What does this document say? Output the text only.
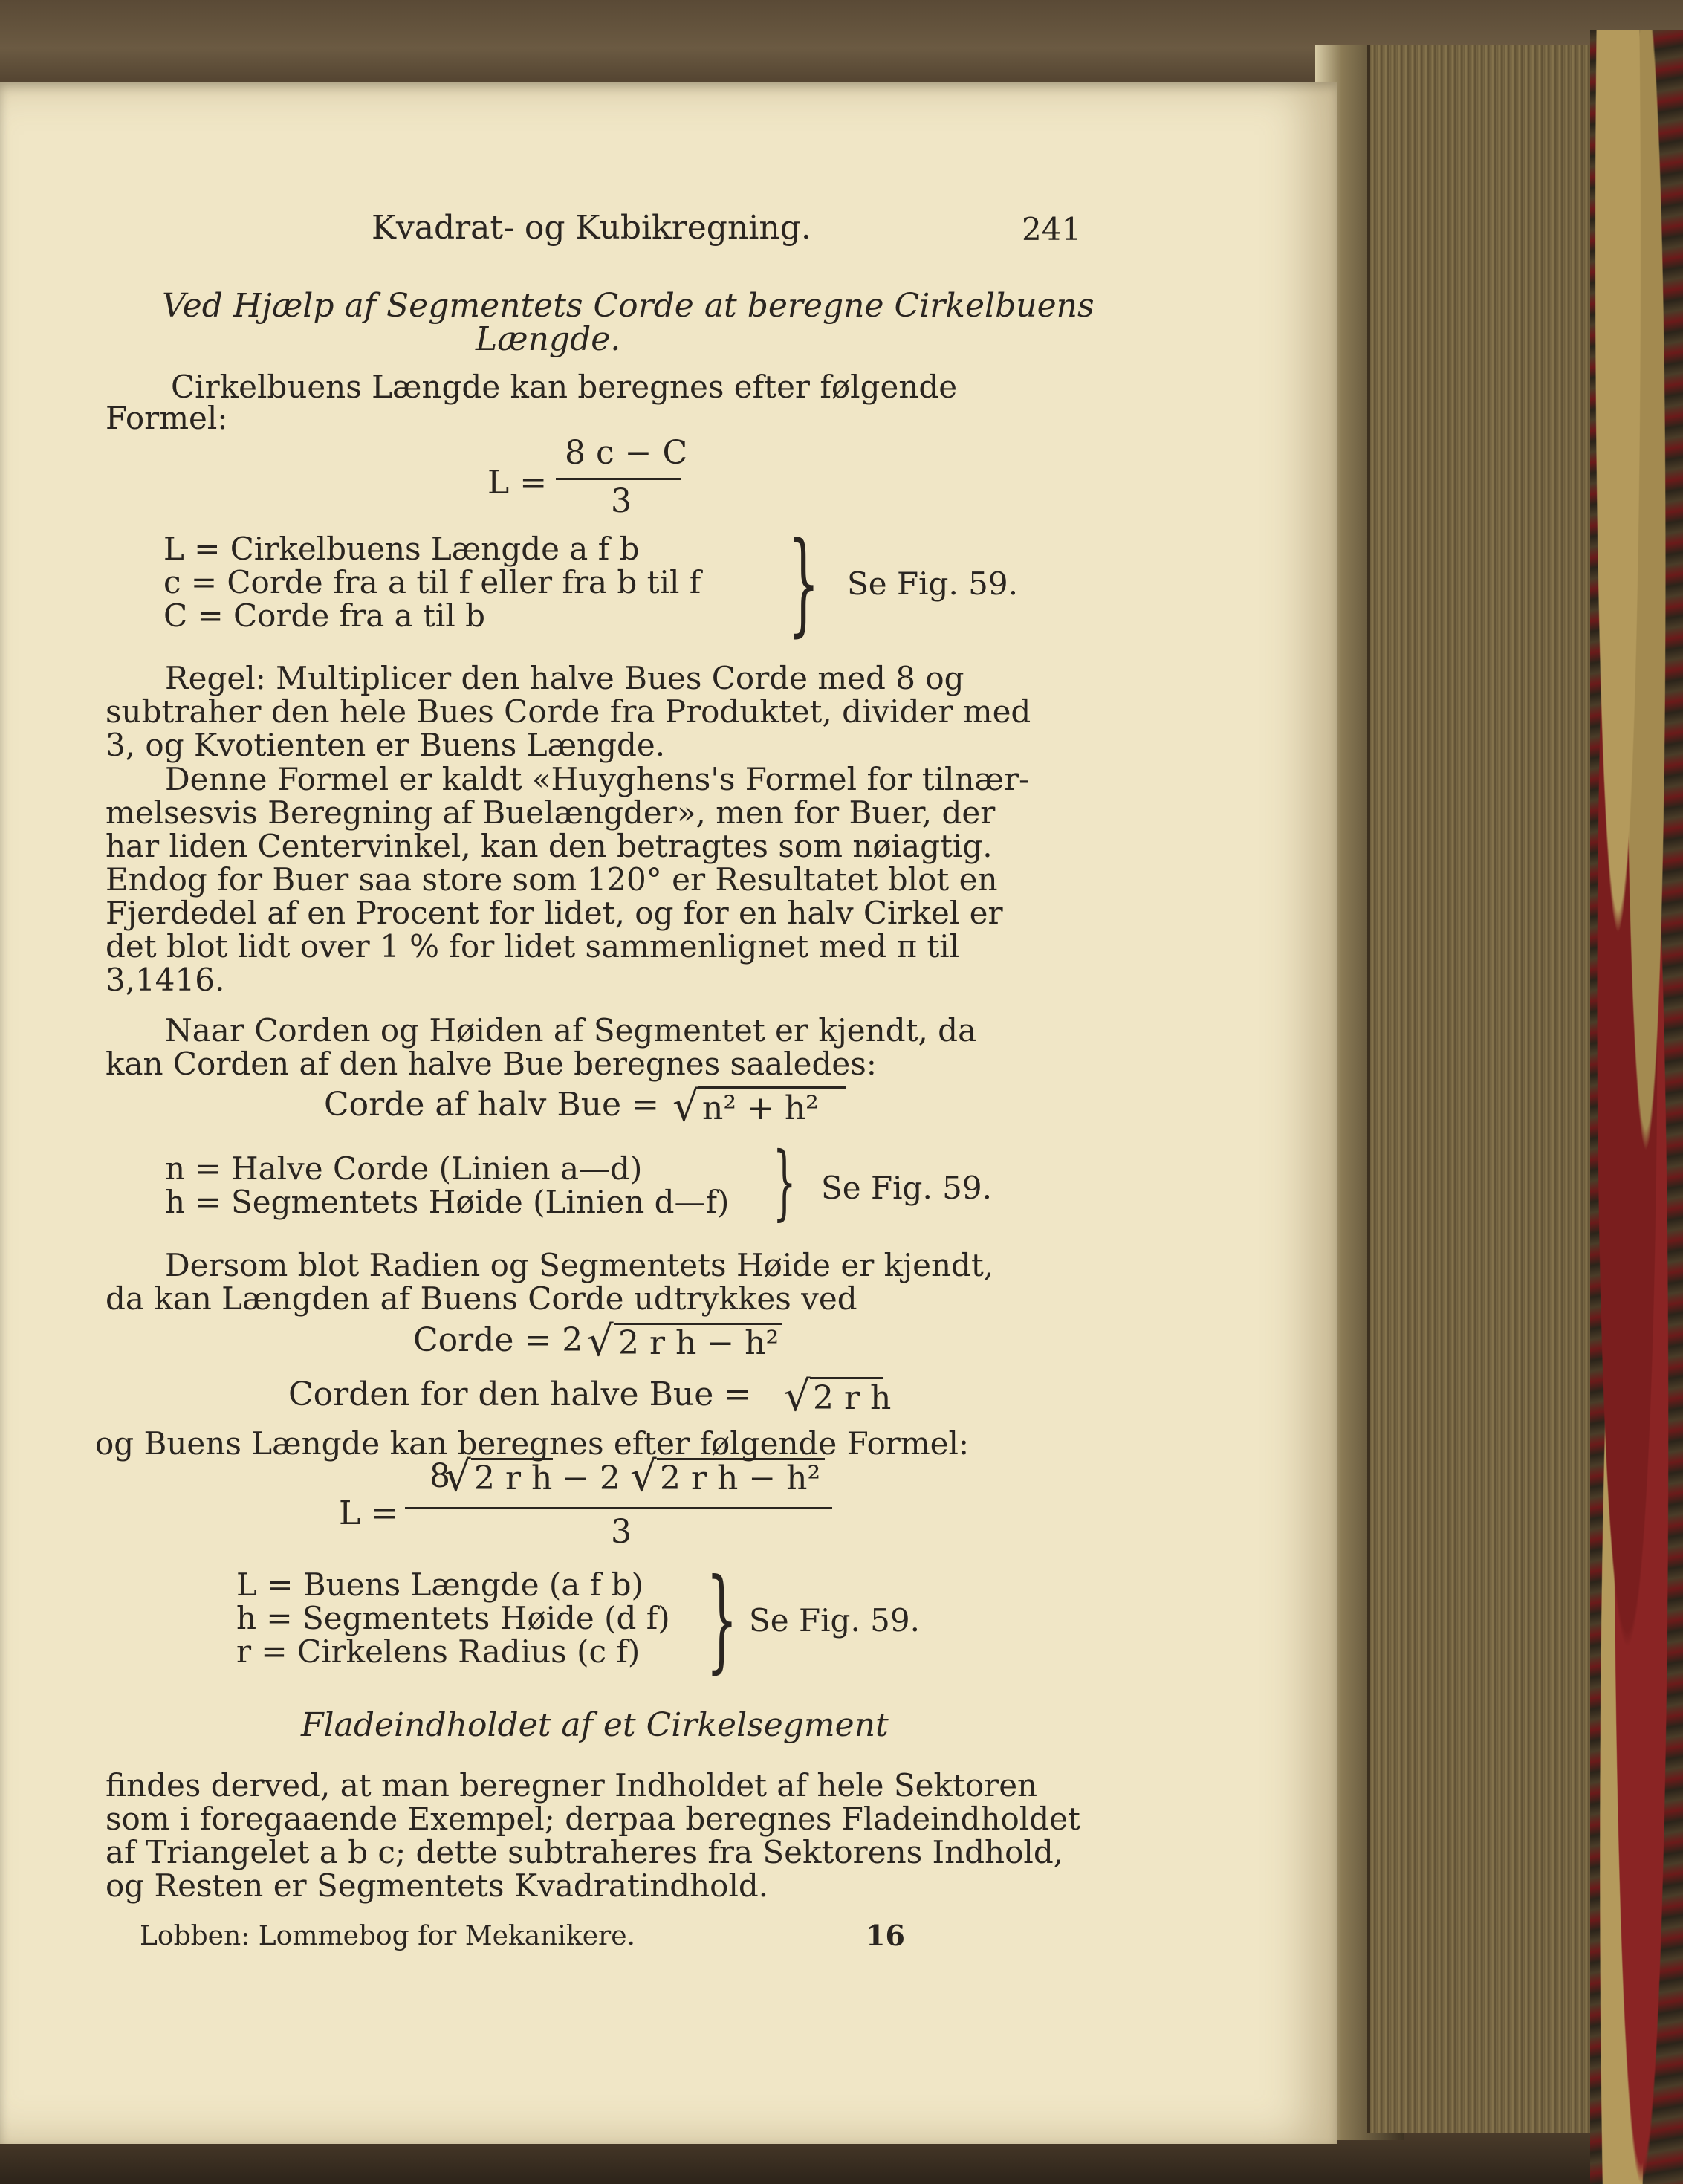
Kvadrat- og Kubikregning.	241
Ved Hjælp af Segmentets Corde at beregne Cirkelbuens
Længde.
Cirkelbuens Længde kan beregnes efter følgende
Formel:
L =
8 c − C
3
L = Cirkelbuens Længde a f b
c = Corde fra a til f eller fra b til f
C = Corde fra a til b	} Se Fig. 59.
Regel: Multiplicer den halve Bues Corde med 8 og
subtraher den hele Bues Corde fra Produktet, divider med
3, og Kvotienten er Buens Længde.
Denne Formel er kaldt «Huyghens's Formel for tilnær-
melsesvis Beregning af Buelængder», men for Buer, der
har liden Centervinkel, kan den betragtes som nøiagtig.
Endog for Buer saa store som 120° er Resultatet blot en
Fjerdedel af en Procent for lidet, og for en halv Cirkel er
det blot lidt over 1 % for lidet sammenlignet med π til
3,1416.
Naar Corden og Høiden af Segmentet er kjendt, da
kan Corden af den halve Bue beregnes saaledes:
Corde af halv Bue = √ n² + h²
n = Halve Corde (Linien a—d)
h = Segmentets Høide (Linien d—f) } Se Fig. 59.
Dersom blot Radien og Segmentets Høide er kjendt,
da kan Længden af Buens Corde udtrykkes ved
Corde = 2 √ 2 r h − h²
Corden for den halve Bue = √ 2 r h
og Buens Længde kan beregnes efter følgende Formel:
L =
8
√ 2 r h − 2 √ 2 r h − h²
3
L = Buens Længde (a f b)
h = Segmentets Høide (d f)
r = Cirkelens Radius (c f) } Se Fig. 59.
Fladeindholdet af et Cirkelsegment
findes derved, at man beregner Indholdet af hele Sektoren
som i foregaaende Exempel; derpaa beregnes Fladeindholdet
af Triangelet a b c; dette subtraheres fra Sektorens Indhold,
og Resten er Segmentets Kvadratindhold.
Lobben: Lommebog for Mekanikere.	16
